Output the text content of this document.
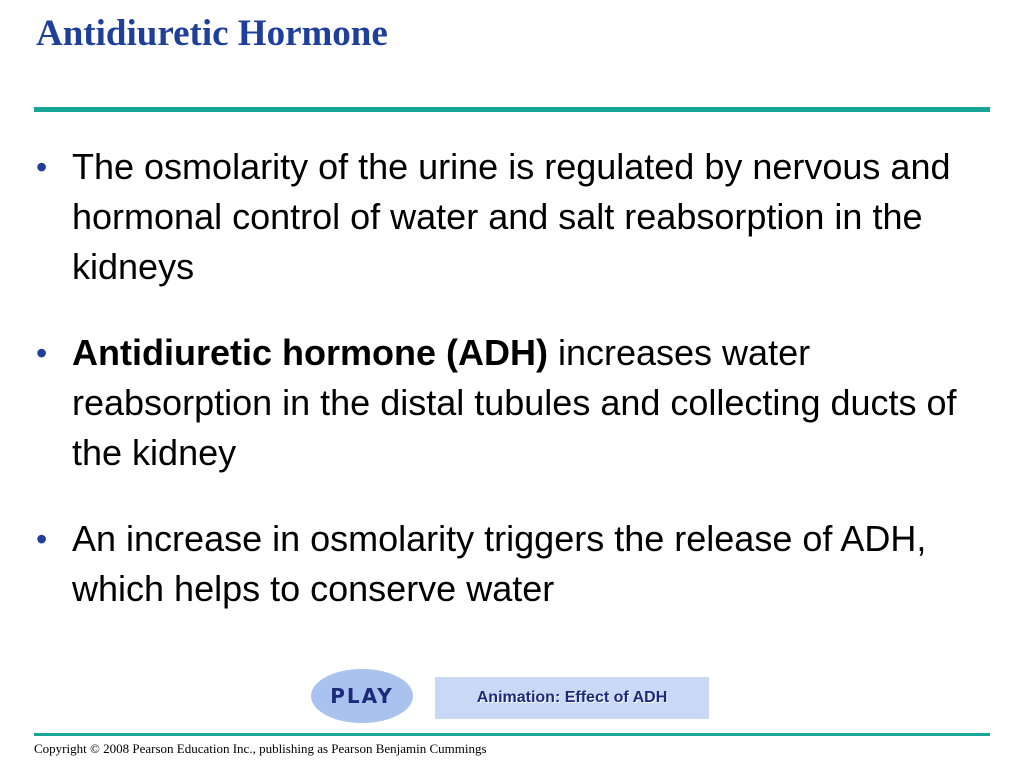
Antidiuretic Hormone
• The osmolarity of the urine is regulated by nervous and hormonal control of water and salt reabsorption in the kidneys
• Antidiuretic hormone (ADH) increases water reabsorption in the distal tubules and collecting ducts of the kidney
• An increase in osmolarity triggers the release of ADH, which helps to conserve water
PLAY	Animation: Effect of ADH
Copyright © 2008 Pearson Education Inc., publishing as Pearson Benjamin Cummings
